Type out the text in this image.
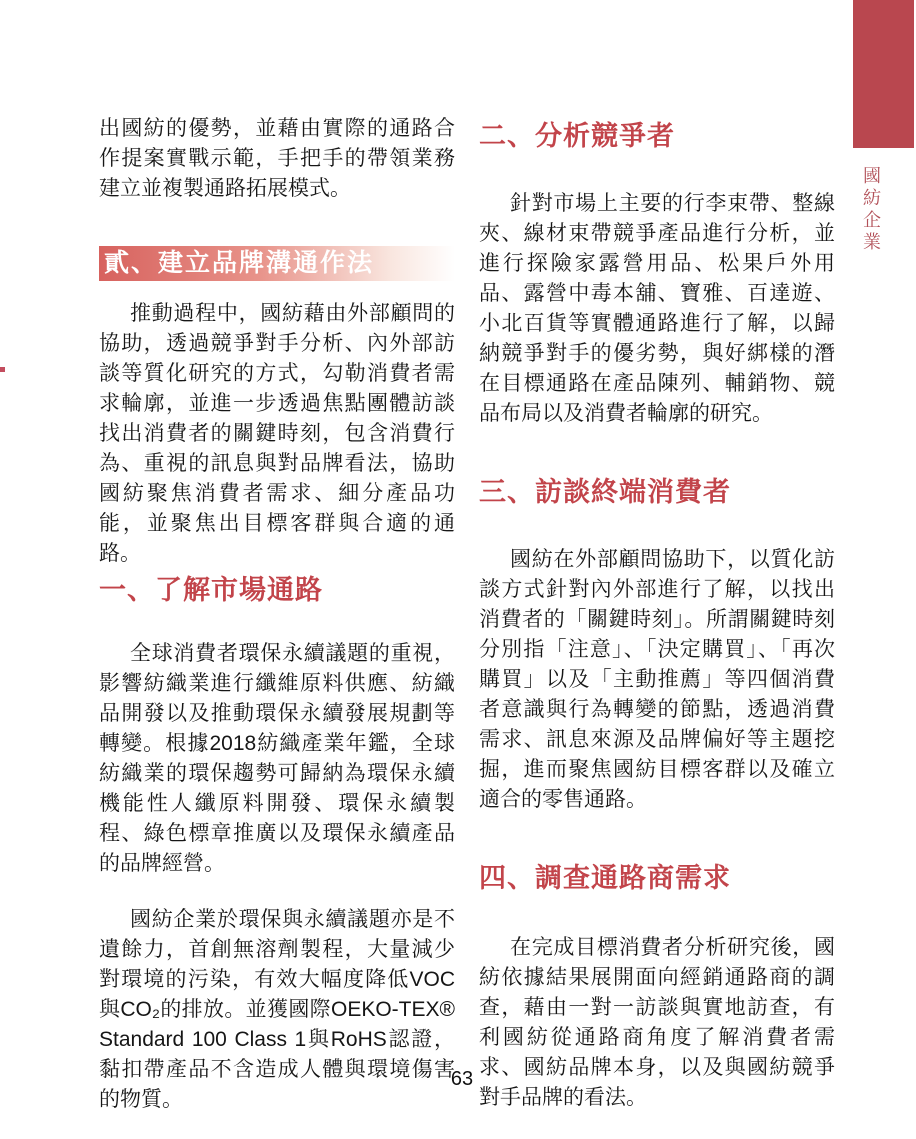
國紡企業

出國紡的優勢，並藉由實際的通路合作提案實戰示範，手把手的帶領業務建立並複製通路拓展模式。

貳、建立品牌溝通作法

推動過程中，國紡藉由外部顧問的協助，透過競爭對手分析、內外部訪談等質化研究的方式，勾勒消費者需求輪廓，並進一步透過焦點團體訪談找出消費者的關鍵時刻，包含消費行為、重視的訊息與對品牌看法，協助國紡聚焦消費者需求、細分產品功能，並聚焦出目標客群與合適的通路。

一、了解市場通路

全球消費者環保永續議題的重視，影響紡織業進行纖維原料供應、紡織品開發以及推動環保永續發展規劃等轉變。根據2018紡織產業年鑑，全球紡織業的環保趨勢可歸納為環保永續機能性人纖原料開發、環保永續製程、綠色標章推廣以及環保永續產品的品牌經營。

國紡企業於環保與永續議題亦是不遺餘力，首創無溶劑製程，大量減少對環境的污染，有效大幅度降低VOC與CO₂的排放。並獲國際OEKO-TEX® Standard 100 Class 1與RoHS認證，黏扣帶產品不含造成人體與環境傷害的物質。

二、分析競爭者

針對市場上主要的行李束帶、整線夾、線材束帶競爭產品進行分析，並進行探險家露營用品、松果戶外用品、露營中毒本舖、寶雅、百達遊、小北百貨等實體通路進行了解，以歸納競爭對手的優劣勢，與好綁樣的潛在目標通路在產品陳列、輔銷物、競品布局以及消費者輪廓的研究。

三、訪談終端消費者

國紡在外部顧問協助下，以質化訪談方式針對內外部進行了解，以找出消費者的「關鍵時刻」。所謂關鍵時刻分別指「注意」、「決定購買」、「再次購買」以及「主動推薦」等四個消費者意識與行為轉變的節點，透過消費需求、訊息來源及品牌偏好等主題挖掘，進而聚焦國紡目標客群以及確立適合的零售通路。

四、調查通路商需求

在完成目標消費者分析研究後，國紡依據結果展開面向經銷通路商的調查，藉由一對一訪談與實地訪查，有利國紡從通路商角度了解消費者需求、國紡品牌本身，以及與國紡競爭對手品牌的看法。

63
